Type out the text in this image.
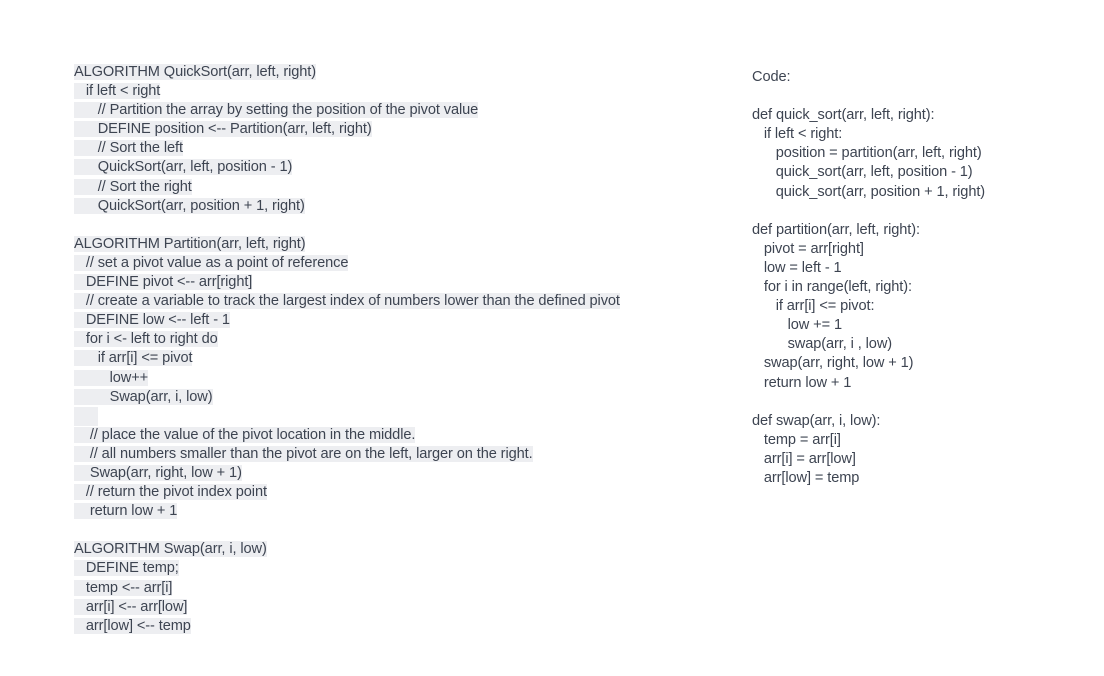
ALGORITHM QuickSort(arr, left, right)
if left < right
// Partition the array by setting the position of the pivot value
DEFINE position <-- Partition(arr, left, right)
// Sort the left
QuickSort(arr, left, position - 1)
// Sort the right
QuickSort(arr, position + 1, right)
ALGORITHM Partition(arr, left, right)
// set a pivot value as a point of reference
DEFINE pivot <-- arr[right]
// create a variable to track the largest index of numbers lower than the defined pivot
DEFINE low <-- left - 1
for i <- left to right do
if arr[i] <= pivot
low++
Swap(arr, i, low)
// place the value of the pivot location in the middle.
// all numbers smaller than the pivot are on the left, larger on the right.
Swap(arr, right, low + 1)
// return the pivot index point
return low + 1
ALGORITHM Swap(arr, i, low)
DEFINE temp;
temp <-- arr[i]
arr[i] <-- arr[low]
arr[low] <-- temp
Code:
def quick_sort(arr, left, right):
if left < right:
position = partition(arr, left, right)
quick_sort(arr, left, position - 1)
quick_sort(arr, position + 1, right)
def partition(arr, left, right):
pivot = arr[right]
low = left - 1
for i in range(left, right):
if arr[i] <= pivot:
low += 1
swap(arr, i , low)
swap(arr, right, low + 1)
return low + 1
def swap(arr, i, low):
temp = arr[i]
arr[i] = arr[low]
arr[low] = temp
